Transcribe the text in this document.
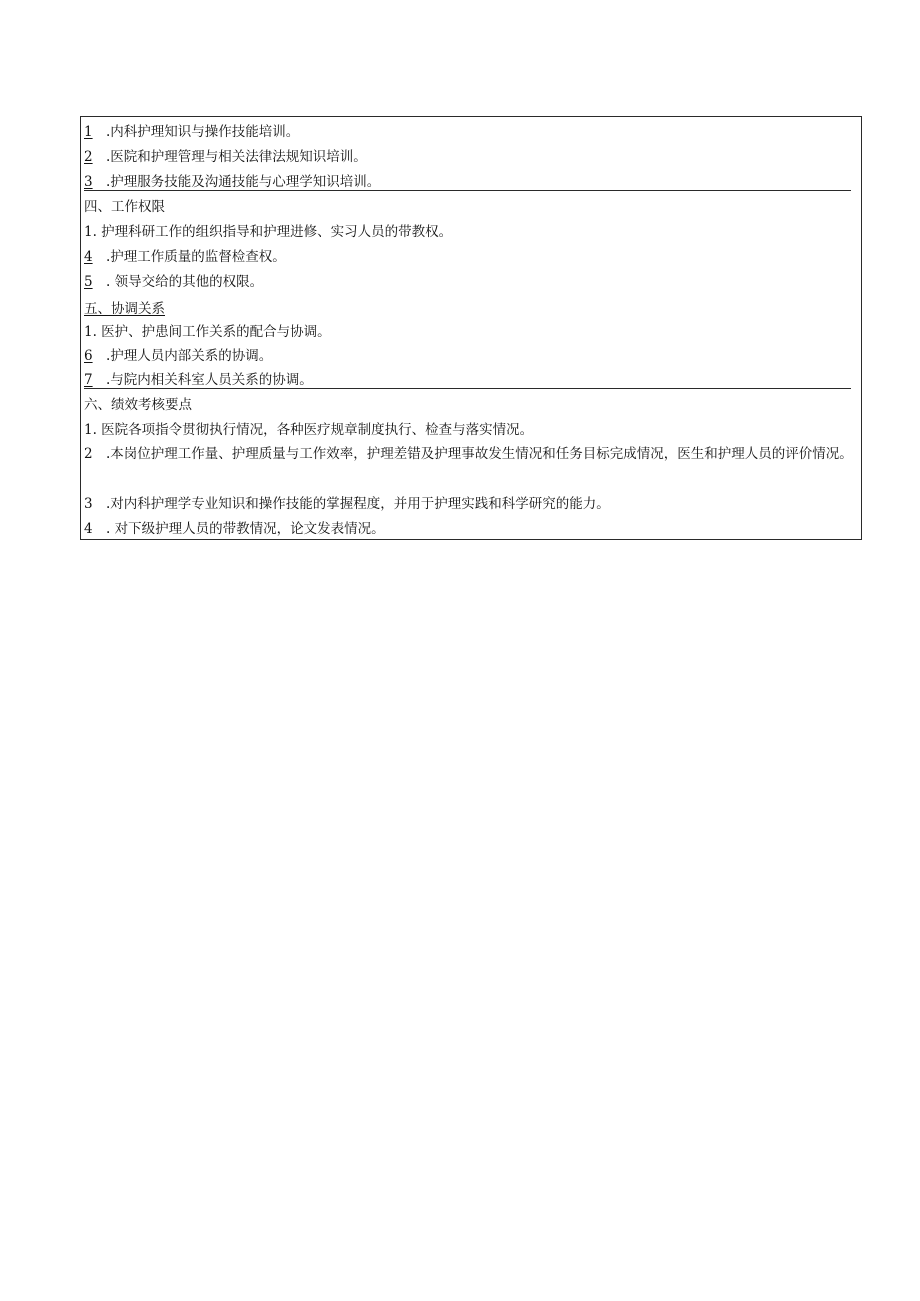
1 .内科护理知识与操作技能培训。
2 .医院和护理管理与相关法律法规知识培训。
3 .护理服务技能及沟通技能与心理学知识培训。
四、工作权限
1. 护理科研工作的组织指导和护理进修、实习人员的带教权。
4 .护理工作质量的监督检查权。
5 . 领导交给的其他的权限。
五、协调关系
1. 医护、护患间工作关系的配合与协调。
6 .护理人员内部关系的协调。
7 .与院内相关科室人员关系的协调。
六、绩效考核要点
1. 医院各项指令贯彻执行情况，各种医疗规章制度执行、检查与落实情况。
2 .本岗位护理工作量、护理质量与工作效率，护理差错及护理事故发生情况和任务目标完成情况，医生和护理人员的评价情况。
3 .对内科护理学专业知识和操作技能的掌握程度，并用于护理实践和科学研究的能力。
4 . 对下级护理人员的带教情况，论文发表情况。
